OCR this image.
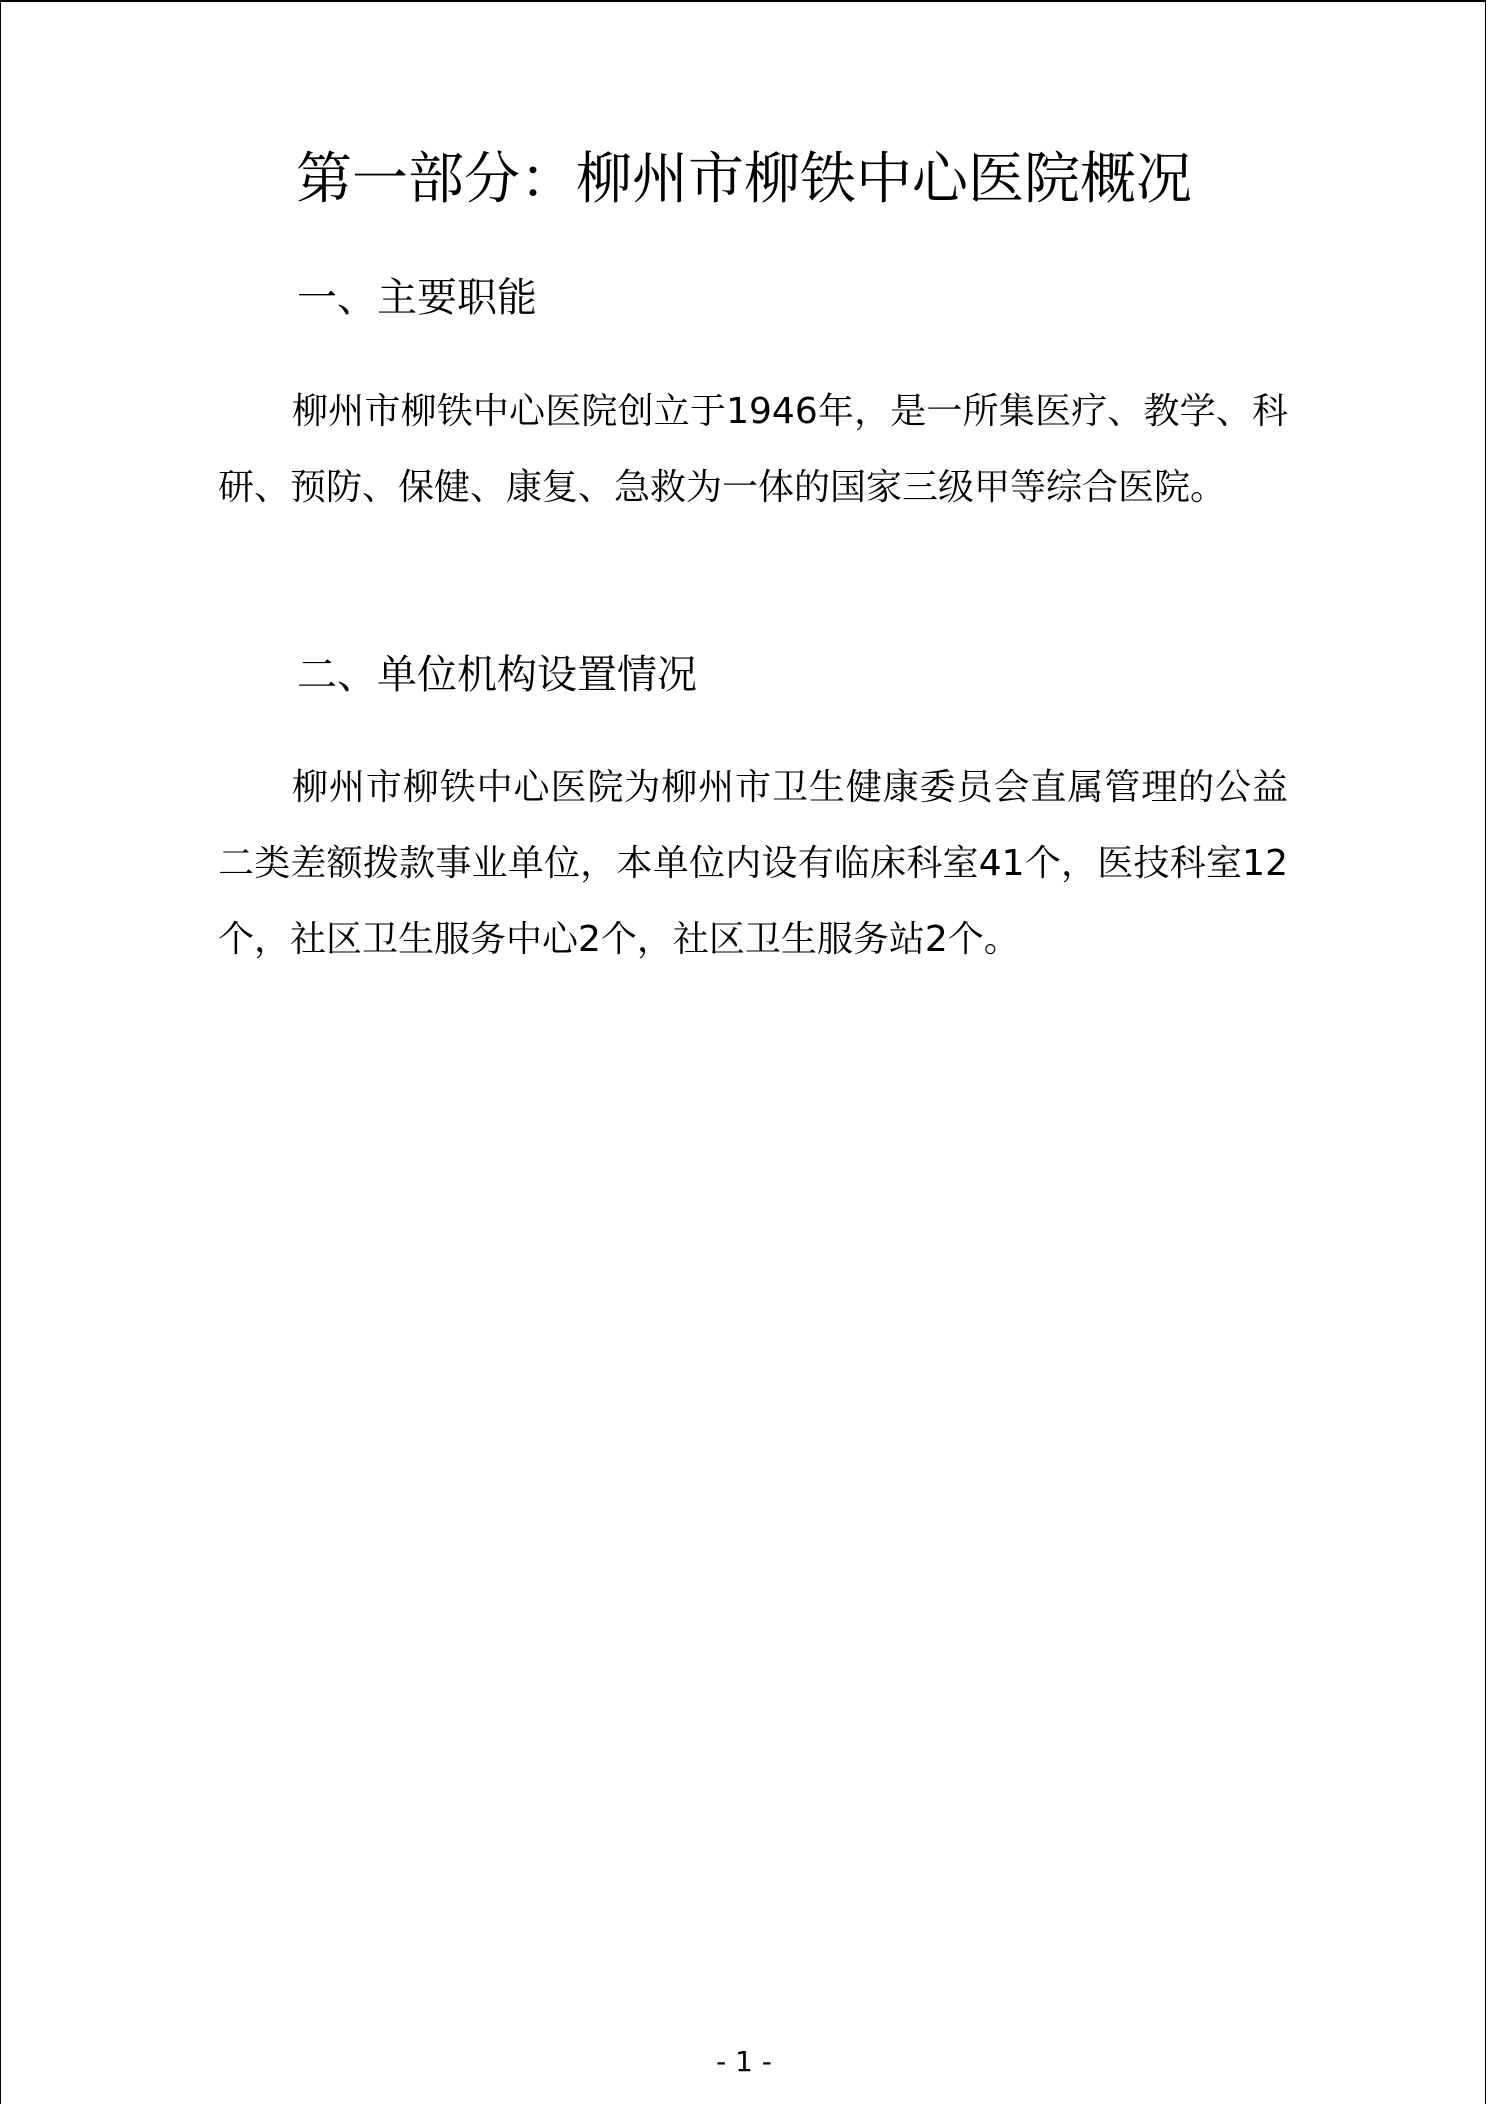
第一部分：柳州市柳铁中心医院概况
一、主要职能

柳州市柳铁中心医院创立于1946年，是一所集医疗、教学、科研、预防、保健、康复、急救为一体的国家三级甲等综合医院。

二、单位机构设置情况

柳州市柳铁中心医院为柳州市卫生健康委员会直属管理的公益二类差额拨款事业单位，本单位内设有临床科室41个，医技科室12个，社区卫生服务中心2个，社区卫生服务站2个。

- 1 -
